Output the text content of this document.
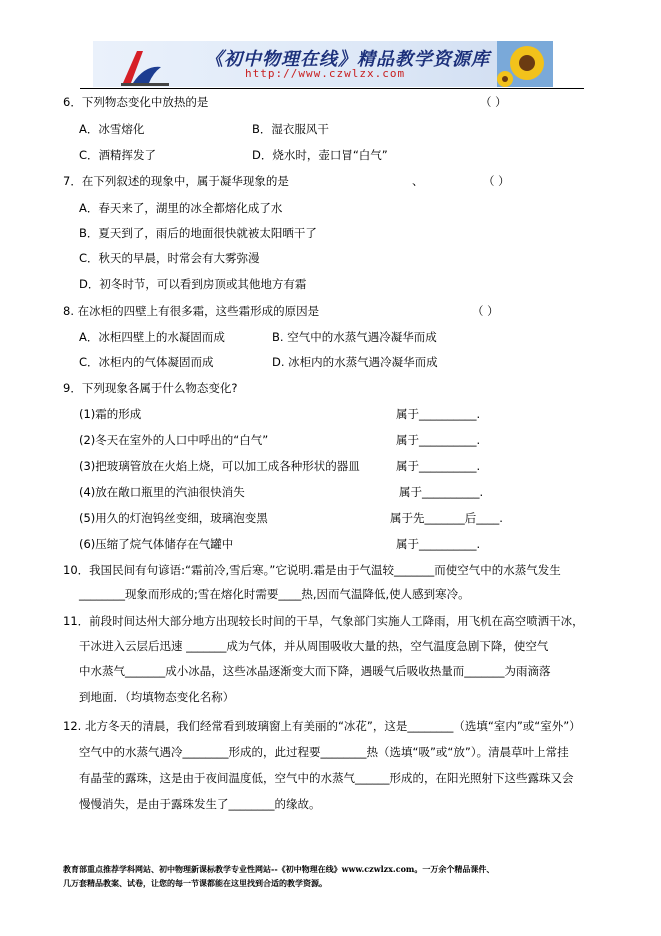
《初中物理在线》精品教学资源库
http://www.czwlzx.com
6．下列物态变化中放热的是	（ ）
A．冰雪熔化	B．湿衣服风干
C．酒精挥发了	D．烧水时，壶口冒“白气”
7．在下列叙述的现象中，属于凝华现象的是	、	（ ）
A．春天来了，湖里的冰全都熔化成了水
B．夏天到了，雨后的地面很快就被太阳晒干了
C．秋天的早晨，时常会有大雾弥漫
D．初冬时节，可以看到房顶或其他地方有霜
8. 在冰柜的四壁上有很多霜，这些霜形成的原因是	（ ）
A．冰柜四壁上的水凝固而成	B. 空气中的水蒸气遇冷凝华而成
C．冰柜内的气体凝固而成	D. 冰柜内的水蒸气遇冷凝华而成
9．下列现象各属于什么物态变化?
(1)霜的形成	属于__________.
(2)冬天在室外的人口中呼出的“白气”	属于__________.
(3)把玻璃管放在火焰上烧，可以加工成各种形状的器皿	属于__________.
(4)放在敞口瓶里的汽油很快消失	属于__________.
(5)用久的灯泡钨丝变细，玻璃泡变黑	属于先_______后____.
(6)压缩了烷气体储存在气罐中	属于__________.
10．我国民间有句谚语:“霜前冷,雪后寒。”它说明.霜是由于气温较_______而使空气中的水蒸气发生
________现象而形成的;雪在熔化时需要____热,因而气温降低,使人感到寒冷。
11．前段时间达州大部分地方出现较长时间的干旱，气象部门实施人工降雨，用飞机在高空喷洒干冰，
干冰进入云层后迅速 _______成为气体，并从周围吸收大量的热，空气温度急剧下降，使空气
中水蒸气_______成小冰晶，这些冰晶逐渐变大而下降，遇暖气后吸收热量而_______为雨滴落
到地面．（均填物态变化名称）
12. 北方冬天的清晨，我们经常看到玻璃窗上有美丽的“冰花”，这是________（选填“室内”或“室外”）
空气中的水蒸气遇冷________形成的，此过程要________热（选填“吸”或“放”）。清晨草叶上常挂
有晶莹的露珠，这是由于夜间温度低，空气中的水蒸气______形成的，在阳光照射下这些露珠又会
慢慢消失，是由于露珠发生了________的缘故。
教育部重点推荐学科网站、初中物理新课标教学专业性网站--《初中物理在线》www.czwlzx.com。一万余个精品课件、
几万套精品教案、试卷，让您的每一节课都能在这里找到合适的教学资源。
